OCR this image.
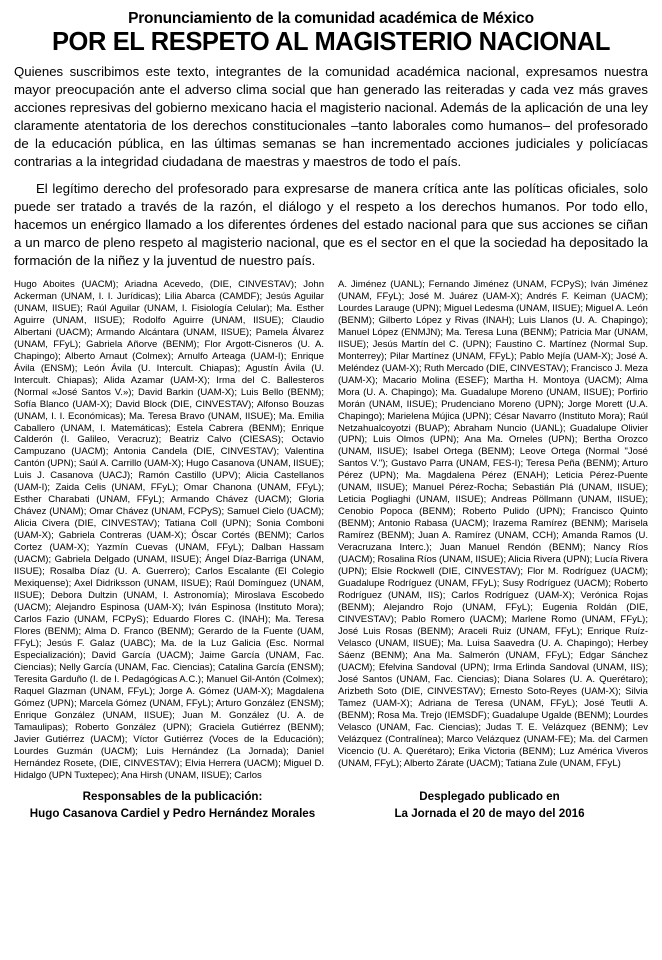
Pronunciamiento de la comunidad académica de México
POR EL RESPETO AL MAGISTERIO NACIONAL

Quienes suscribimos este texto, integrantes de la comunidad académica nacional, expresamos nuestra mayor preocupación ante el adverso clima social que han generado las reiteradas y cada vez más graves acciones represivas del gobierno mexicano hacia el magisterio nacional. Además de la aplicación de una ley claramente atentatoria de los derechos constitucionales –tanto laborales como humanos– del profesorado de la educación pública, en las últimas semanas se han incrementado acciones judiciales y policíacas contrarias a la integridad ciudadana de maestras y maestros de todo el país.

El legítimo derecho del profesorado para expresarse de manera crítica ante las políticas oficiales, solo puede ser tratado a través de la razón, el diálogo y el respeto a los derechos humanos. Por todo ello, hacemos un enérgico llamado a los diferentes órdenes del estado nacional para que sus acciones se ciñan a un marco de pleno respeto al magisterio nacional, que es el sector en el que la sociedad ha depositado la formación de la niñez y la juventud de nuestro país.

Hugo Aboites (UACM); Ariadna Acevedo, (DIE, CINVESTAV); John Ackerman (UNAM, I. I. Jurídicas); Lilia Abarca (CAMDF); Jesús Aguilar (UNAM, IISUE); Raúl Aguilar (UNAM, I. Fisiología Celular); Ma. Esther Aguirre (UNAM, IISUE); Rodolfo Aguirre (UNAM, IISUE); Claudio Albertani (UACM); Armando Alcántara (UNAM, IISUE); Pamela Álvarez (UNAM, FFyL); Gabriela Añorve (BENM); Flor Argott-Cisneros (U. A. Chapingo); Alberto Arnaut (Colmex); Arnulfo Arteaga (UAM-I); Enrique Ávila (ENSM); León Ávila (U. Intercult. Chiapas); Agustín Ávila (U. Intercult. Chiapas); Alida Azamar (UAM-X); Irma del C. Ballesteros (Normal «José Santos V.»); David Barkin (UAM-X); Luis Bello (BENM); Sofía Blanco (UAM-X); David Block (DIE, CINVESTAV); Alfonso Bouzas (UNAM, I. I. Económicas); Ma. Teresa Bravo (UNAM, IISUE); Ma. Emilia Caballero (UNAM, I. Matemáticas); Estela Cabrera (BENM); Enrique Calderón (I. Galileo, Veracruz); Beatriz Calvo (CIESAS); Octavio Campuzano (UACM); Antonia Candela (DIE, CINVESTAV); Valentina Cantón (UPN); Saúl A. Carrillo (UAM-X); Hugo Casanova (UNAM, IISUE); Luis J. Casanova (UACJ); Ramón Castillo (UPV); Alicia Castellanos (UAM-I); Zaida Celis (UNAM, FFyL); Omar Chanona (UNAM, FFyL); Esther Charabati (UNAM, FFyL); Armando Chávez (UACM); Gloria Chávez (UNAM); Omar Chávez (UNAM, FCPyS); Samuel Cielo (UACM); Alicia Civera (DIE, CINVESTAV); Tatiana Coll (UPN); Sonia Comboni (UAM-X); Gabriela Contreras (UAM-X); Óscar Cortés (BENM); Carlos Cortez (UAM-X); Yazmín Cuevas (UNAM, FFyL); Dalban Hassam (UACM); Gabriela Delgado (UNAM, IISUE); Ángel Díaz-Barriga (UNAM, IISUE); Rosalba Díaz (U. A. Guerrero); Carlos Escalante (El Colegio Mexiquense); Axel Didriksson (UNAM, IISUE); Raúl Domínguez (UNAM, IISUE); Debora Dultzin (UNAM, I. Astronomía); Miroslava Escobedo (UACM); Alejandro Espinosa (UAM-X); Iván Espinosa (Instituto Mora); Carlos Fazio (UNAM, FCPyS); Eduardo Flores C. (INAH); Ma. Teresa Flores (BENM); Alma D. Franco (BENM); Gerardo de la Fuente (UAM, FFyL); Jesús F. Galaz (UABC); Ma. de la Luz Galicia (Esc. Normal Especialización); David García (UACM); Jaime García (UNAM, Fac. Ciencias); Nelly García (UNAM, Fac. Ciencias); Catalina García (ENSM); Teresita Garduño (I. de I. Pedagógicas A.C.); Manuel Gil-Antón (Colmex); Raquel Glazman (UNAM, FFyL); Jorge A. Gómez (UAM-X); Magdalena Gómez (UPN); Marcela Gómez (UNAM, FFyL); Arturo González (ENSM); Enrique González (UNAM, IISUE); Juan M. González (U. A. de Tamaulipas); Roberto González (UPN); Graciela Gutiérrez (BENM); Javier Gutiérrez (UACM); Víctor Gutiérrez (Voces de la Educación); Lourdes Guzmán (UACM); Luis Hernández (La Jornada); Daniel Hernández Rosete, (DIE, CINVESTAV); Elvia Herrera (UACM); Miguel D. Hidalgo (UPN Tuxtepec); Ana Hirsh (UNAM, IISUE); Carlos
A. Jiménez (UANL); Fernando Jiménez (UNAM, FCPyS); Iván Jiménez (UNAM, FFyL); José M. Juárez (UAM-X); Andrés F. Keiman (UACM); Lourdes Larauge (UPN); Miguel Ledesma (UNAM, IISUE); Miguel A. León (BENM); Gilberto López y Rivas (INAH); Luis Llanos (U. A. Chapingo); Manuel López (ENMJN); Ma. Teresa Luna (BENM); Patricia Mar (UNAM, IISUE); Jesús Martín del C. (UPN); Faustino C. Martínez (Normal Sup. Monterrey); Pilar Martínez (UNAM, FFyL); Pablo Mejía (UAM-X); José A. Meléndez (UAM-X); Ruth Mercado (DIE, CINVESTAV); Francisco J. Meza (UAM-X); Macario Molina (ESEF); Martha H. Montoya (UACM); Alma Mora (U. A. Chapingo); Ma. Guadalupe Moreno (UNAM, IISUE); Porfirio Morán (UNAM, IISUE); Prudenciano Moreno (UPN); Jorge Morett (U.A. Chapingo); Marielena Mújica (UPN); César Navarro (Instituto Mora); Raúl Netzahualcoyotzi (BUAP); Abraham Nuncio (UANL); Guadalupe Olivier (UPN); Luis Olmos (UPN); Ana Ma. Orneles (UPN); Bertha Orozco (UNAM, IISUE); Isabel Ortega (BENM); Leove Ortega (Normal "José Santos V."); Gustavo Parra (UNAM, FES-I); Teresa Peña (BENM); Arturo Pérez (UPN); Ma. Magdalena Pérez (ENAH); Leticia Pérez-Puente (UNAM, IISUE); Manuel Pérez-Rocha; Sebastián Plá (UNAM, IISUE); Leticia Pogliaghi (UNAM, IISUE); Andreas Pöllmann (UNAM, IISUE); Cenobio Popoca (BENM); Roberto Pulido (UPN); Francisco Quinto (BENM); Antonio Rabasa (UACM); Irazema Ramírez (BENM); Marisela Ramírez (BENM); Juan A. Ramírez (UNAM, CCH); Amanda Ramos (U. Veracruzana Interc.); Juan Manuel Rendón (BENM); Nancy Ríos (UACM); Rosalina Ríos (UNAM, IISUE); Alicia Rivera (UPN); Lucía Rivera (UPN); Elsie Rockwell (DIE, CINVESTAV); Flor M. Rodríguez (UACM); Guadalupe Rodríguez (UNAM, FFyL); Susy Rodríguez (UACM); Roberto Rodríguez (UNAM, IIS); Carlos Rodríguez (UAM-X); Verónica Rojas (BENM); Alejandro Rojo (UNAM, FFyL); Eugenia Roldán (DIE, CINVESTAV); Pablo Romero (UACM); Marlene Romo (UNAM, FFyL); José Luis Rosas (BENM); Araceli Ruiz (UNAM, FFyL); Enrique Ruíz-Velasco (UNAM, IISUE); Ma. Luisa Saavedra (U. A. Chapingo); Herbey Sáenz (BENM); Ana Ma. Salmerón (UNAM, FFyL); Edgar Sánchez (UACM); Efelvina Sandoval (UPN); Irma Erlinda Sandoval (UNAM, IIS); José Santos (UNAM, Fac. Ciencias); Diana Solares (U. A. Querétaro); Arizbeth Soto (DIE, CINVESTAV); Ernesto Soto-Reyes (UAM-X); Silvia Tamez (UAM-X); Adriana de Teresa (UNAM, FFyL); José Teutli A. (BENM); Rosa Ma. Trejo (IEMSDF); Guadalupe Ugalde (BENM); Lourdes Velasco (UNAM, Fac. Ciencias); Judas T. E. Velázquez (BENM); Lev Velázquez (Contralínea); Marco Velázquez (UNAM-FE); Ma. del Carmen Vicencio (U. A. Querétaro); Erika Victoria (BENM); Luz América Viveros (UNAM, FFyL); Alberto Zárate (UACM); Tatiana Zule (UNAM, FFyL)
Responsables de la publicación:
Hugo Casanova Cardiel y Pedro Hernández Morales
Desplegado publicado en
La Jornada el 20 de mayo del 2016
